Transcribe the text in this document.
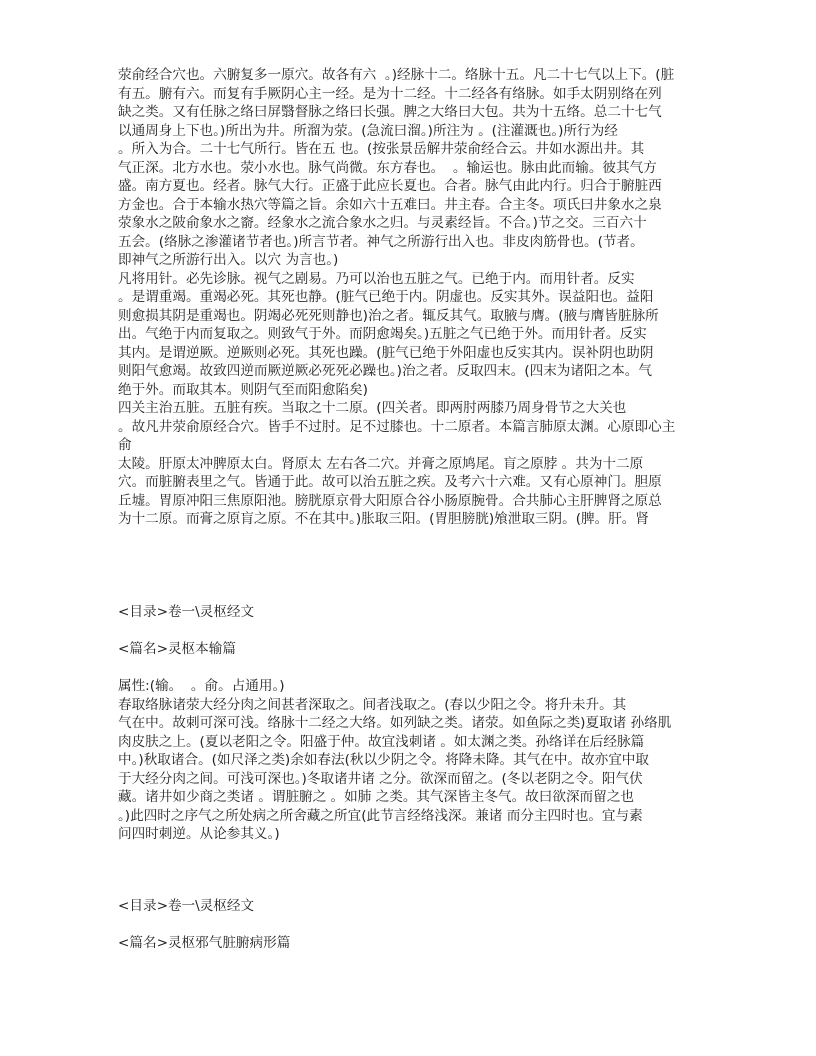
荥俞经合穴也。六腑复多一原穴。故各有六  。)经脉十二。络脉十五。凡二十七气以上下。(脏
有五。腑有六。而复有手厥阴心主一经。是为十二经。十二经各有络脉。如手太阴别络在列
缺之类。又有任脉之络曰屏翳督脉之络曰长强。脾之大络曰大包。共为十五络。总二十七气
以通周身上下也。)所出为井。所溜为荥。(急流曰溜。)所注为 。(注灌溉也。)所行为经
。所入为合。二十七气所行。皆在五 也。(按张景岳解井荥俞经合云。井如水源出井。其
气正深。北方水也。荥小水也。脉气尚微。东方春也。  。输运也。脉由此而输。彼其气方
盛。南方夏也。经者。脉气大行。正盛于此应长夏也。合者。脉气由此内行。归合于腑脏西
方金也。合于本输水热穴等篇之旨。余如六十五难曰。井主春。合主冬。项氏曰井象水之泉
荥象水之陂俞象水之窬。经象水之流合象水之归。与灵素经旨。不合。)节之交。三百六十
五会。(络脉之渗灌诸节者也。)所言节者。神气之所游行出入也。非皮肉筋骨也。(节者。
即神气之所游行出入。以穴 为言也。)
凡将用针。必先诊脉。视气之剧易。乃可以治也五脏之气。已绝于内。而用针者。反实
。是谓重竭。重竭必死。其死也静。(脏气已绝于内。阴虚也。反实其外。误益阳也。益阳
则愈损其阴是重竭也。阴竭必死死则静也)治之者。辄反其气。取腋与膺。(腋与膺皆脏脉所
出。气绝于内而复取之。则致气于外。而阴愈竭矣。)五脏之气已绝于外。而用针者。反实
其内。是谓逆厥。逆厥则必死。其死也躁。(脏气已绝于外阳虚也反实其内。误补阴也助阴
则阳气愈竭。故致四逆而厥逆厥必死死必躁也。)治之者。反取四末。(四末为诸阳之本。气
绝于外。而取其本。则阴气至而阳愈陷矣)
四关主治五脏。五脏有疾。当取之十二原。(四关者。即两肘两膝乃周身骨节之大关也
。故凡井荥俞原经合穴。皆手不过肘。足不过膝也。十二原者。本篇言肺原太渊。心原即心主
俞
太陵。肝原太冲脾原太白。肾原太 左右各二穴。并膏之原鸠尾。肓之原脖 。共为十二原
穴。而脏腑表里之气。皆通于此。故可以治五脏之疾。及考六十六难。又有心原神门。胆原
丘墟。胃原冲阳三焦原阳池。膀胱原京骨大阳原合谷小肠原腕骨。合共肺心主肝脾肾之原总
为十二原。而膏之原肓之原。不在其中。)胀取三阳。(胃胆膀胱)飧泄取三阴。(脾。肝。肾
<目录>卷一\灵枢经文
<篇名>灵枢本输篇
属性:(输。  。俞。占通用。)
春取络脉诸荥大经分肉之间甚者深取之。间者浅取之。(春以少阳之令。将升未升。其
气在中。故刺可深可浅。络脉十二经之大络。如列缺之类。诸荥。如鱼际之类)夏取诸 孙络肌
肉皮肤之上。(夏以老阳之令。阳盛于仲。故宜浅刺诸 。如太渊之类。孙络详在后经脉篇
中。)秋取诸合。(如尺泽之类)余如春法(秋以少阴之令。将降未降。其气在中。故亦宜中取
于大经分肉之间。可浅可深也。)冬取诸井诸 之分。欲深而留之。(冬以老阴之令。阳气伏
藏。诸井如少商之类诸 。谓脏腑之 。如肺 之类。其气深皆主冬气。故曰欲深而留之也
。)此四时之序气之所处病之所舍藏之所宜(此节言经络浅深。兼诸 而分主四时也。宜与素
问四时刺逆。从论参其义。)
<目录>卷一\灵枢经文
<篇名>灵枢邪气脏腑病形篇
